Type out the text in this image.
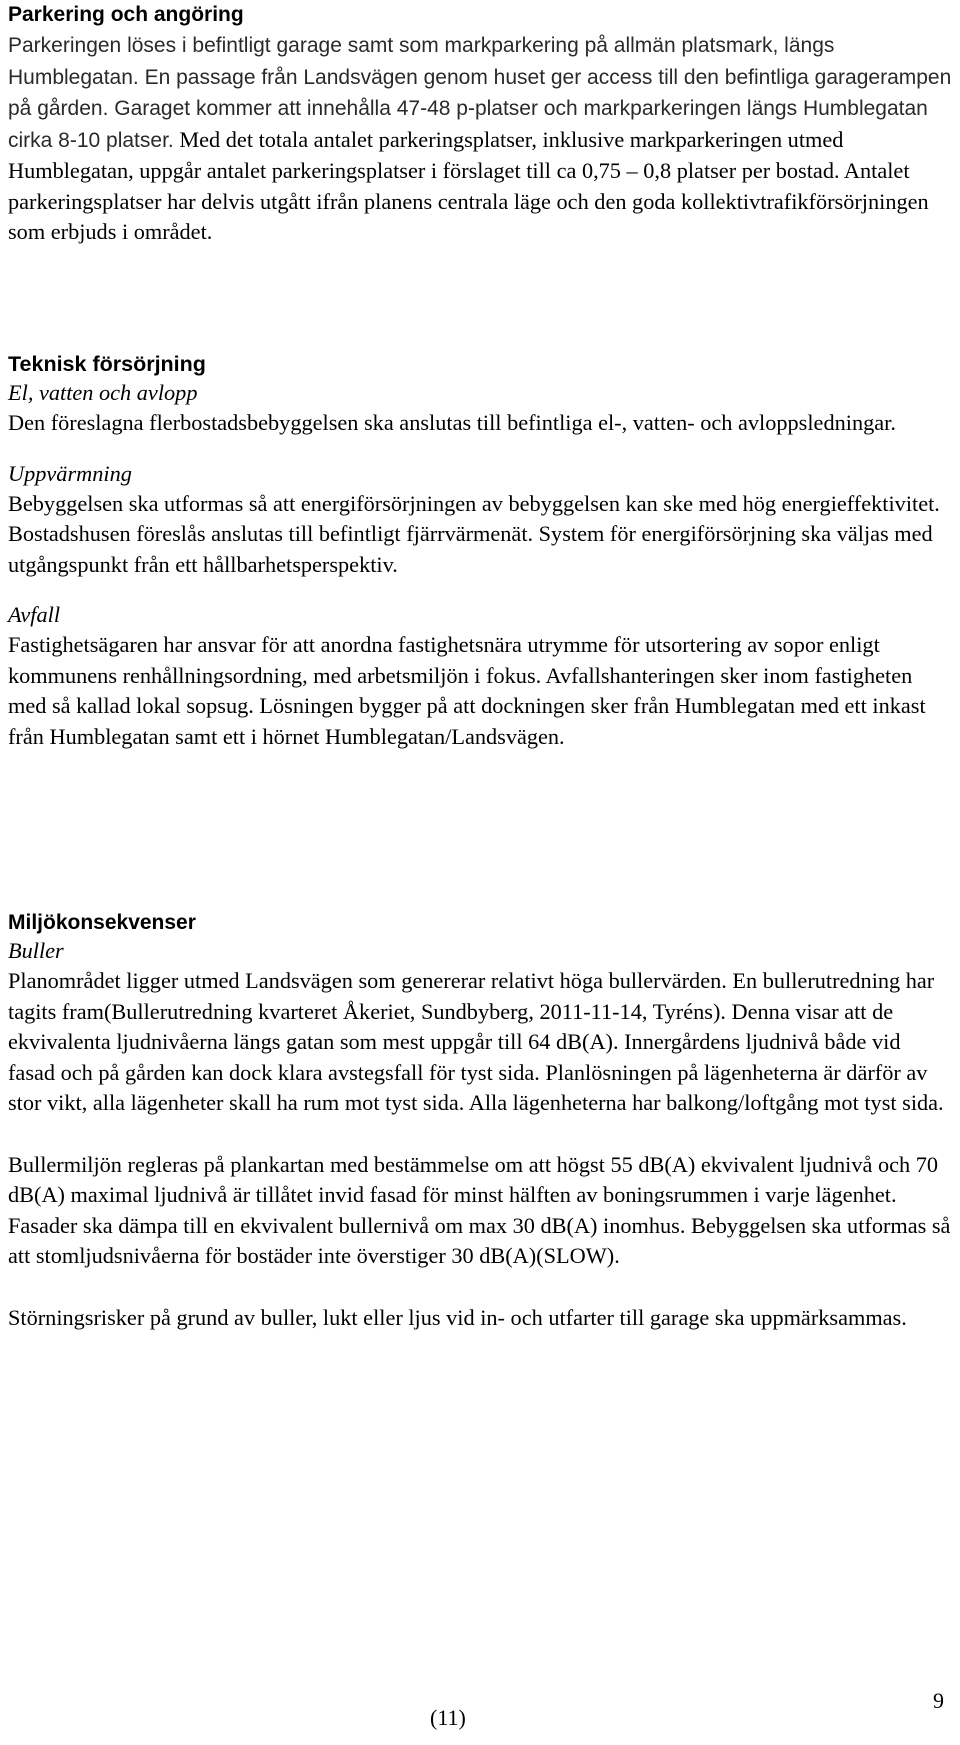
Parkering och angöring

Parkeringen löses i befintligt garage samt som markparkering på allmän platsmark, längs Humblegatan. En passage från Landsvägen genom huset ger access till den befintliga garagerampen på gården. Garaget kommer att innehålla 47-48 p-platser och markparkeringen längs Humblegatan cirka 8-10 platser. Med det totala antalet parkeringsplatser, inklusive markparkeringen utmed Humblegatan, uppgår antalet parkeringsplatser i förslaget till ca 0,75 – 0,8 platser per bostad. Antalet parkeringsplatser har delvis utgått ifrån planens centrala läge och den goda kollektivtrafikförsörjningen som erbjuds i området.

Teknisk försörjning

El, vatten och avlopp

Den föreslagna flerbostadsbebyggelsen ska anslutas till befintliga el-, vatten- och avloppsledningar.

Uppvärmning

Bebyggelsen ska utformas så att energiförsörjningen av bebyggelsen kan ske med hög energieffektivitet. Bostadshusen föreslås anslutas till befintligt fjärrvärmenät. System för energiförsörjning ska väljas med utgångspunkt från ett hållbarhetsperspektiv.

Avfall

Fastighetsägaren har ansvar för att anordna fastighetsnära utrymme för utsortering av sopor enligt kommunens renhållningsordning, med arbetsmiljön i fokus. Avfallshanteringen sker inom fastigheten med så kallad lokal sopsug. Lösningen bygger på att dockningen sker från Humblegatan med ett inkast från Humblegatan samt ett i hörnet Humblegatan/Landsvägen.

Miljökonsekvenser

Buller

Planområdet ligger utmed Landsvägen som genererar relativt höga bullervärden. En bullerutredning har tagits fram(Bullerutredning kvarteret Åkeriet, Sundbyberg, 2011-11-14, Tyréns). Denna visar att de ekvivalenta ljudnivåerna längs gatan som mest uppgår till 64 dB(A). Innergårdens ljudnivå både vid fasad och på gården kan dock klara avstegsfall för tyst sida. Planlösningen på lägenheterna är därför av stor vikt, alla lägenheter skall ha rum mot tyst sida. Alla lägenheterna har balkong/loftgång mot tyst sida.

Bullermiljön regleras på plankartan med bestämmelse om att högst 55 dB(A) ekvivalent ljudnivå och 70 dB(A) maximal ljudnivå är tillåtet invid fasad för minst hälften av boningsrummen i varje lägenhet. Fasader ska dämpa till en ekvivalent bullernivå om max 30 dB(A) inomhus. Bebyggelsen ska utformas så att stomljudsnivåerna för bostäder inte överstiger 30 dB(A)(SLOW).

Störningsrisker på grund av buller, lukt eller ljus vid in- och utfarter till garage ska uppmärksammas.

(11)
9
